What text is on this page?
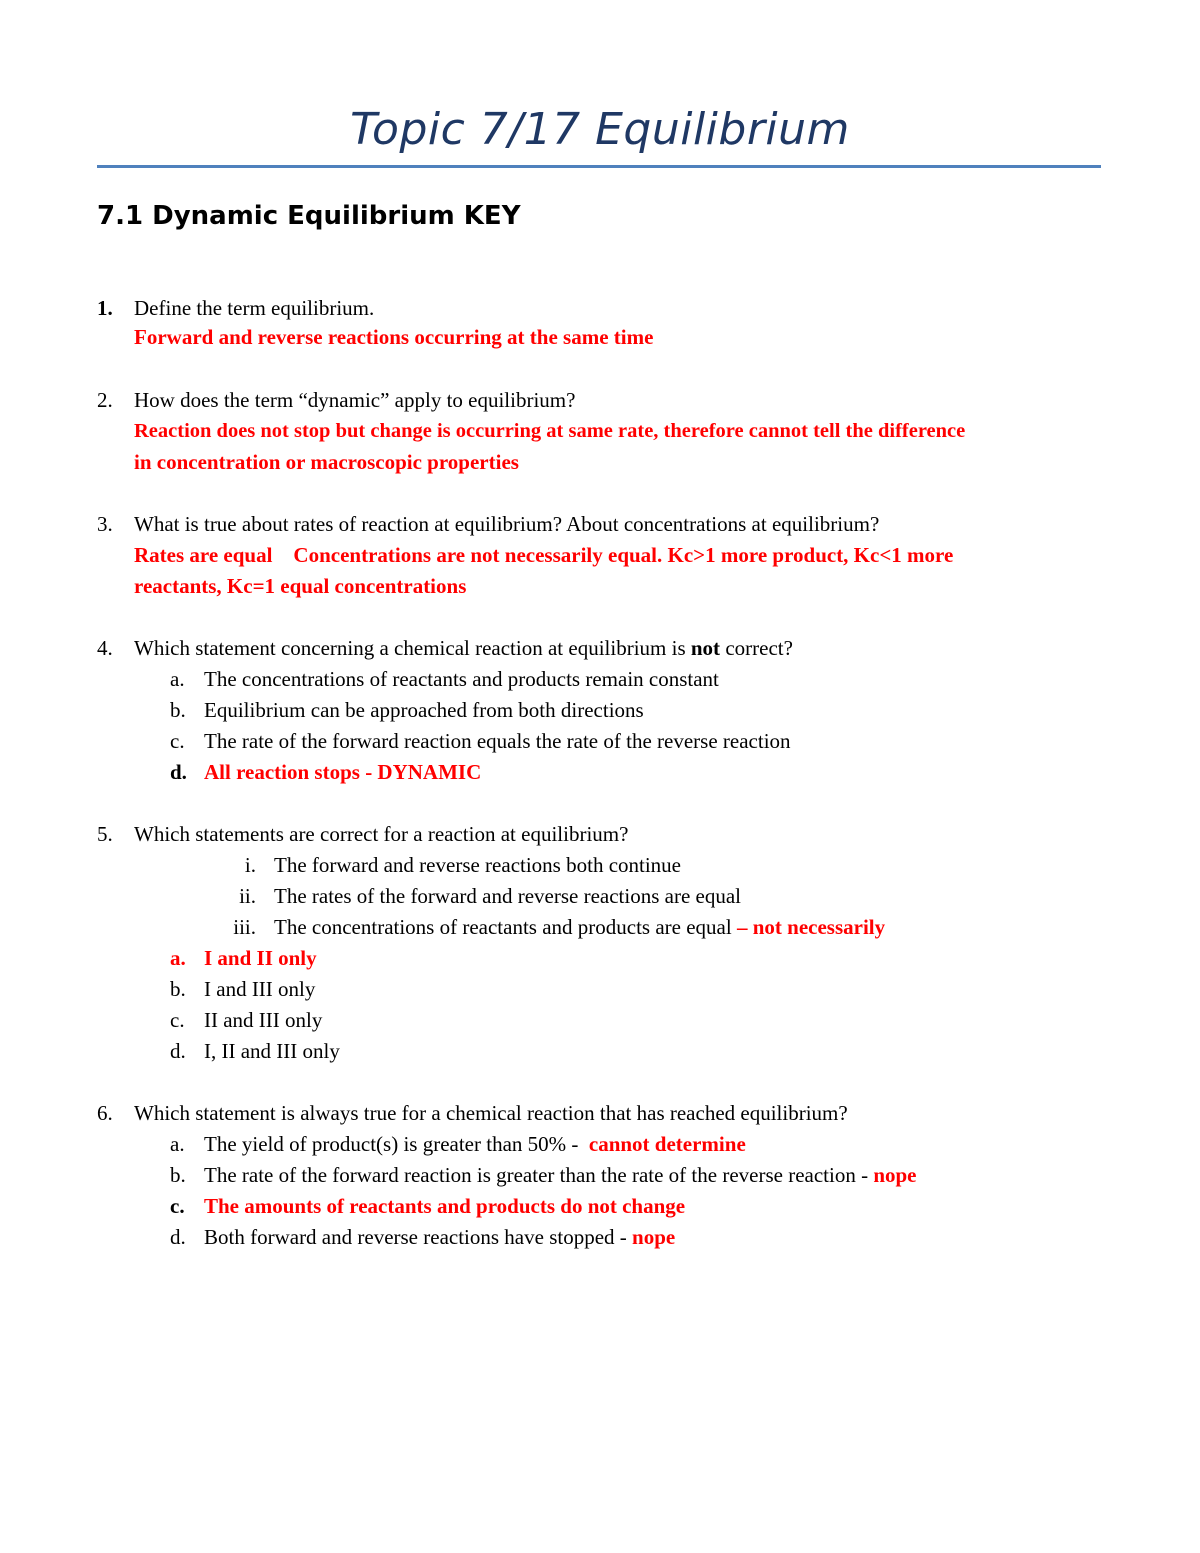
Topic 7/17 Equilibrium
7.1 Dynamic Equilibrium KEY
1. Define the term equilibrium.
Forward and reverse reactions occurring at the same time
2. How does the term “dynamic” apply to equilibrium?
Reaction does not stop but change is occurring at same rate, therefore cannot tell the difference
in concentration or macroscopic properties
3. What is true about rates of reaction at equilibrium? About concentrations at equilibrium?
Rates are equal    Concentrations are not necessarily equal. Kc>1 more product, Kc<1 more
reactants, Kc=1 equal concentrations
4. Which statement concerning a chemical reaction at equilibrium is not correct?
a. The concentrations of reactants and products remain constant
b. Equilibrium can be approached from both directions
c. The rate of the forward reaction equals the rate of the reverse reaction
d. All reaction stops - DYNAMIC
5. Which statements are correct for a reaction at equilibrium?
i. The forward and reverse reactions both continue
ii. The rates of the forward and reverse reactions are equal
iii. The concentrations of reactants and products are equal – not necessarily
a. I and II only
b. I and III only
c. II and III only
d. I, II and III only
6. Which statement is always true for a chemical reaction that has reached equilibrium?
a. The yield of product(s) is greater than 50% -  cannot determine
b. The rate of the forward reaction is greater than the rate of the reverse reaction - nope
c. The amounts of reactants and products do not change
d. Both forward and reverse reactions have stopped - nope
